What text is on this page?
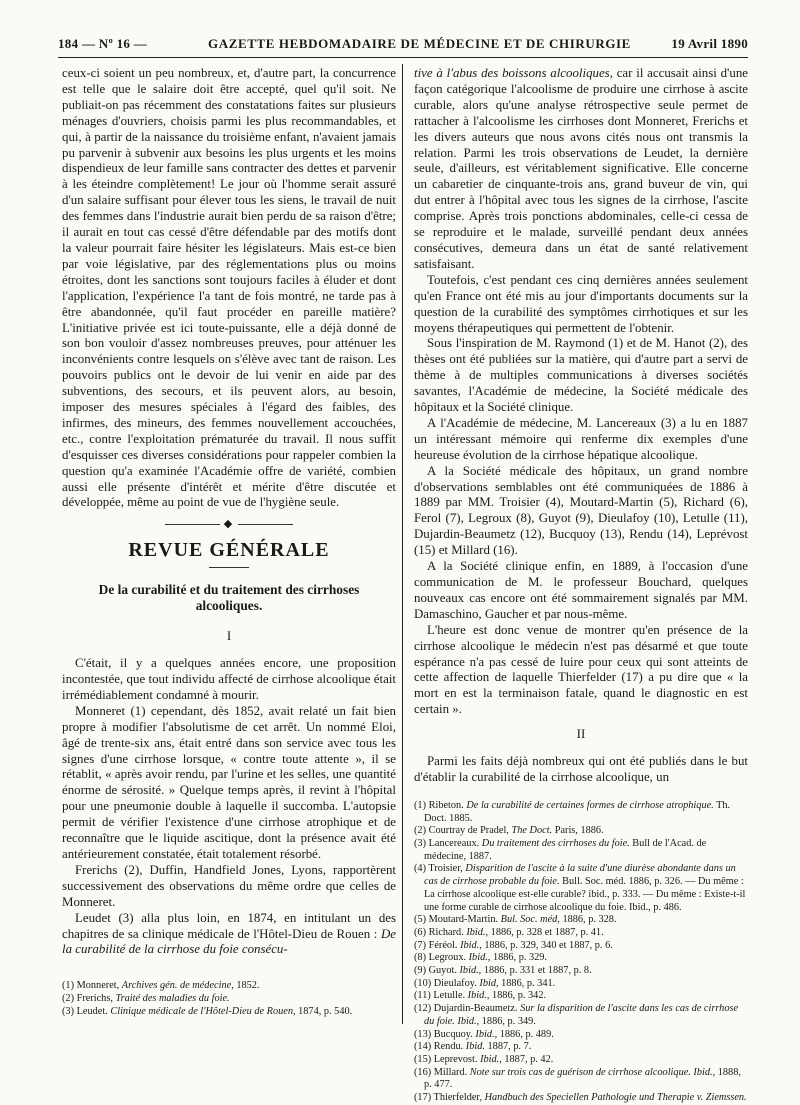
184 — Nº 16 —	GAZETTE HEBDOMADAIRE DE MÉDECINE ET DE CHIRURGIE	19 Avril 1890

ceux-ci soient un peu nombreux, et, d'autre part, la concurrence est telle que le salaire doit être accepté, quel qu'il soit. Ne publiait-on pas récemment des constatations faites sur plusieurs ménages d'ouvriers, choisis parmi les plus recommandables, et qui, à partir de la naissance du troisième enfant, n'avaient jamais pu parvenir à subvenir aux besoins les plus urgents et les moins dispendieux de leur famille sans contracter des dettes et parvenir à les éteindre complètement! Le jour où l'homme serait assuré d'un salaire suffisant pour élever tous les siens, le travail de nuit des femmes dans l'industrie aurait bien perdu de sa raison d'être; il aurait en tout cas cessé d'être défendable par des motifs dont la valeur pourrait faire hésiter les législateurs. Mais est-ce bien par voie législative, par des réglementations plus ou moins étroites, dont les sanctions sont toujours faciles à éluder et dont l'application, l'expérience l'a tant de fois montré, ne tarde pas à être abandonnée, qu'il faut procéder en pareille matière? L'initiative privée est ici toute-puissante, elle a déjà donné de son bon vouloir d'assez nombreuses preuves, pour atténuer les inconvénients contre lesquels on s'élève avec tant de raison. Les pouvoirs publics ont le devoir de lui venir en aide par des subventions, des secours, et ils peuvent alors, au besoin, imposer des mesures spéciales à l'égard des faibles, des infirmes, des mineurs, des femmes nouvellement accouchées, etc., contre l'exploitation prématurée du travail. Il nous suffit d'esquisser ces diverses considérations pour rappeler combien la question qu'a examinée l'Académie offre de variété, combien aussi elle présente d'intérêt et mérite d'être discutée et développée, même au point de vue de l'hygiène seule.

◆
REVUE GÉNÉRALE
De la curabilité et du traitement des cirrhoses alcooliques.
I

C'était, il y a quelques années encore, une proposition incontestée, que tout individu affecté de cirrhose alcoolique était irrémédiablement condamné à mourir.

Monneret (1) cependant, dès 1852, avait relaté un fait bien propre à modifier l'absolutisme de cet arrêt. Un nommé Eloi, âgé de trente-six ans, était entré dans son service avec tous les signes d'une cirrhose lorsque, « contre toute attente », il se rétablit, « après avoir rendu, par l'urine et les selles, une quantité énorme de sérosité. » Quelque temps après, il revint à l'hôpital pour une pneumonie double à laquelle il succomba. L'autopsie permit de vérifier l'existence d'une cirrhose atrophique et de reconnaître que le liquide ascitique, dont la présence avait été antérieurement constatée, était totalement résorbé.

Frerichs (2), Duffin, Handfield Jones, Lyons, rapportèrent successivement des observations du même ordre que celles de Monneret.

Leudet (3) alla plus loin, en 1874, en intitulant un des chapitres de sa clinique médicale de l'Hôtel-Dieu de Rouen : De la curabilité de la cirrhose du foie consécu-

(1) Monneret, Archives gén. de médecine, 1852.

(2) Frerichs, Traité des maladies du foie.

(3) Leudet. Clinique médicale de l'Hôtel-Dieu de Rouen, 1874, p. 540.

tive à l'abus des boissons alcooliques, car il accusait ainsi d'une façon catégorique l'alcoolisme de produire une cirrhose à ascite curable, alors qu'une analyse rétrospective seule permet de rattacher à l'alcoolisme les cirrhoses dont Monneret, Frerichs et les divers auteurs que nous avons cités nous ont transmis la relation. Parmi les trois observations de Leudet, la dernière seule, d'ailleurs, est véritablement significative. Elle concerne un cabaretier de cinquante-trois ans, grand buveur de vin, qui dut entrer à l'hôpital avec tous les signes de la cirrhose, l'ascite comprise. Après trois ponctions abdominales, celle-ci cessa de se reproduire et le malade, surveillé pendant deux années consécutives, demeura dans un état de santé relativement satisfaisant.

Toutefois, c'est pendant ces cinq dernières années seulement qu'en France ont été mis au jour d'importants documents sur la question de la curabilité des symptômes cirrhotiques et sur les moyens thérapeutiques qui permettent de l'obtenir.

Sous l'inspiration de M. Raymond (1) et de M. Hanot (2), des thèses ont été publiées sur la matière, qui d'autre part a servi de thème à de multiples communications à diverses sociétés savantes, l'Académie de médecine, la Société médicale des hôpitaux et la Société clinique.

A l'Académie de médecine, M. Lancereaux (3) a lu en 1887 un intéressant mémoire qui renferme dix exemples d'une heureuse évolution de la cirrhose hépatique alcoolique.

A la Société médicale des hôpitaux, un grand nombre d'observations semblables ont été communiquées de 1886 à 1889 par MM. Troisier (4), Moutard-Martin (5), Richard (6), Ferol (7), Legroux (8), Guyot (9), Dieulafoy (10), Letulle (11), Dujardin-Beaumetz (12), Bucquoy (13), Rendu (14), Leprévost (15) et Millard (16).

A la Société clinique enfin, en 1889, à l'occasion d'une communication de M. le professeur Bouchard, quelques nouveaux cas encore ont été sommairement signalés par MM. Damaschino, Gaucher et par nous-même.

L'heure est donc venue de montrer qu'en présence de la cirrhose alcoolique le médecin n'est pas désarmé et que toute espérance n'a pas cessé de luire pour ceux qui sont atteints de cette affection de laquelle Thierfelder (17) a pu dire que « la mort en est la terminaison fatale, quand le diagnostic en est certain ».

II

Parmi les faits déjà nombreux qui ont été publiés dans le but d'établir la curabilité de la cirrhose alcoolique, un

(1) Ribeton. De la curabilité de certaines formes de cirrhose atrophique. Th. Doct. 1885.

(2) Courtray de Pradel, The Doct. Paris, 1886.

(3) Lancereaux. Du traitement des cirrhoses du foie. Bull de l'Acad. de médecine, 1887.

(4) Troisier, Disparition de l'ascite à la suite d'une diurèse abondante dans un cas de cirrhose probable du foie. Bull. Soc. méd. 1886, p. 326. — Du même : La cirrhose alcoolique est-elle curable? ibid., p. 333. — Du même : Existe-t-il une forme curable de cirrhose alcoolique du foie. Ibid., p. 486.

(5) Moutard-Martin. Bul. Soc. méd, 1886, p. 328.

(6) Richard. Ibid., 1886, p. 328 et 1887, p. 41.

(7) Féréol. Ibid., 1886, p. 329, 340 et 1887, p. 6.

(8) Legroux. Ibid., 1886, p. 329.

(9) Guyot. Ibid., 1886, p. 331 et 1887, p. 8.

(10) Dieulafoy. Ibid, 1886, p. 341.

(11) Letulle. Ibid., 1886, p. 342.

(12) Dujardin-Beaumetz. Sur la disparition de l'ascite dans les cas de cirrhose du foie. Ibid., 1886, p. 349.

(13) Bucquoy. Ibid., 1886, p. 489.

(14) Rendu. Ibid. 1887, p. 7.

(15) Leprevost. Ibid., 1887, p. 42.

(16) Millard. Note sur trois cas de guérison de cirrhose alcoolique. Ibid., 1888, p. 477.

(17) Thierfelder, Handbuch des Speciellen Pathologie und Therapie v. Ziemssen.
